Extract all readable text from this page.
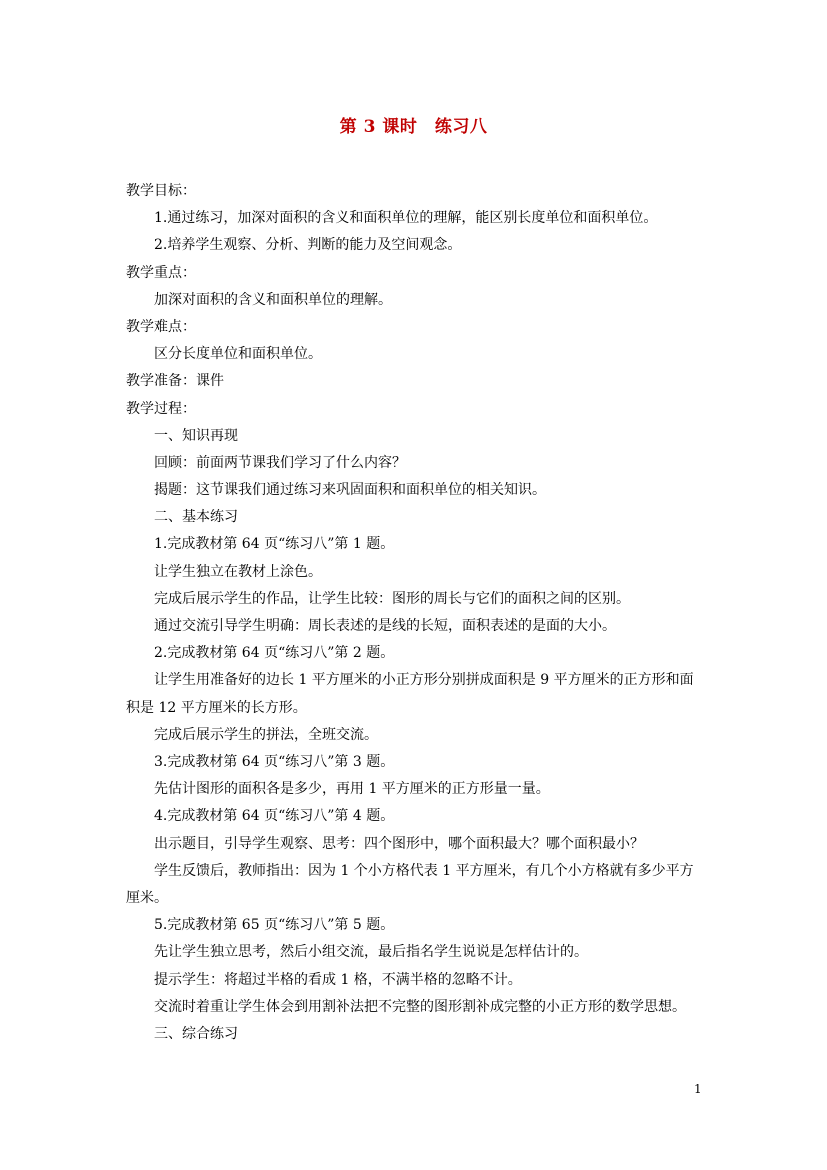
第 3 课时　练习八
教学目标：
1.通过练习，加深对面积的含义和面积单位的理解，能区别长度单位和面积单位。
2.培养学生观察、分析、判断的能力及空间观念。
教学重点：
加深对面积的含义和面积单位的理解。
教学难点：
区分长度单位和面积单位。
教学准备：课件
教学过程：
一、知识再现
回顾：前面两节课我们学习了什么内容？
揭题：这节课我们通过练习来巩固面积和面积单位的相关知识。
二、基本练习
1.完成教材第 64 页“练习八”第 1 题。
让学生独立在教材上涂色。
完成后展示学生的作品，让学生比较：图形的周长与它们的面积之间的区别。
通过交流引导学生明确：周长表述的是线的长短，面积表述的是面的大小。
2.完成教材第 64 页“练习八”第 2 题。
让学生用准备好的边长 1 平方厘米的小正方形分别拼成面积是 9 平方厘米的正方形和面积是 12 平方厘米的长方形。
完成后展示学生的拼法，全班交流。
3.完成教材第 64 页“练习八”第 3 题。
先估计图形的面积各是多少，再用 1 平方厘米的正方形量一量。
4.完成教材第 64 页“练习八”第 4 题。
出示题目，引导学生观察、思考：四个图形中，哪个面积最大？哪个面积最小？
学生反馈后，教师指出：因为 1 个小方格代表 1 平方厘米，有几个小方格就有多少平方厘米。
5.完成教材第 65 页“练习八”第 5 题。
先让学生独立思考，然后小组交流，最后指名学生说说是怎样估计的。
提示学生：将超过半格的看成 1 格，不满半格的忽略不计。
交流时着重让学生体会到用割补法把不完整的图形割补成完整的小正方形的数学思想。
三、综合练习
1
